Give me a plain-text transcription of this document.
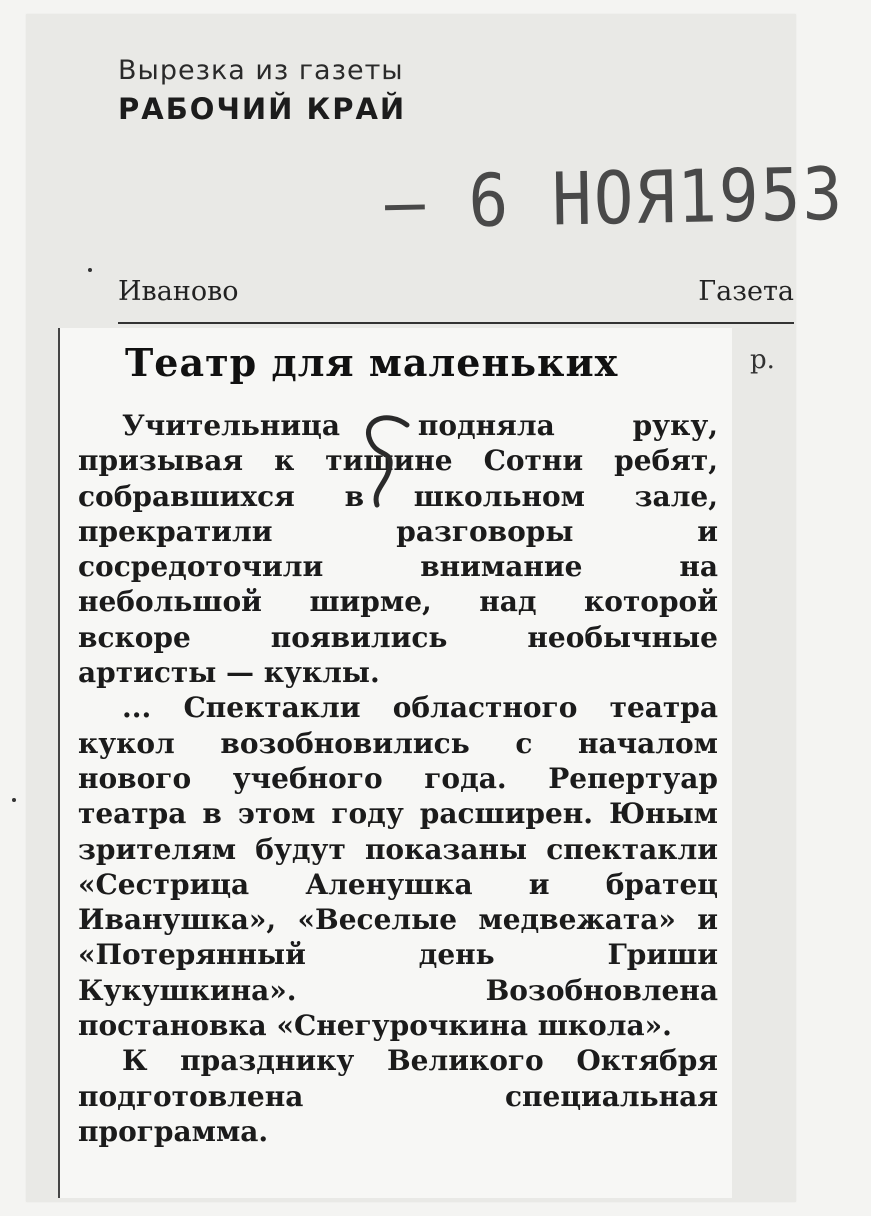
Вырезка из газеты
РАБОЧИЙ КРАЙ
– 6 НОЯ1953
Иваново	Газета
р.
Театр для маленьких

Учительница подняла руку, призывая к тишине Сотни ребят, собравшихся в школьном зале, прекратили разговоры и сосредоточили внимание на небольшой ширме, над которой вскоре появились необычные артисты — куклы.

... Спектакли областного театра кукол возобновились с началом нового учебного года. Репертуар театра в этом году расширен. Юным зрителям будут показаны спектакли «Сестрица Аленушка и братец Иванушка», «Веселые медвежата» и «Потерянный день Гриши Кукушкина». Возобновлена постановка «Снегурочкина школа».

К празднику Великого Октября подготовлена специальная программа.
